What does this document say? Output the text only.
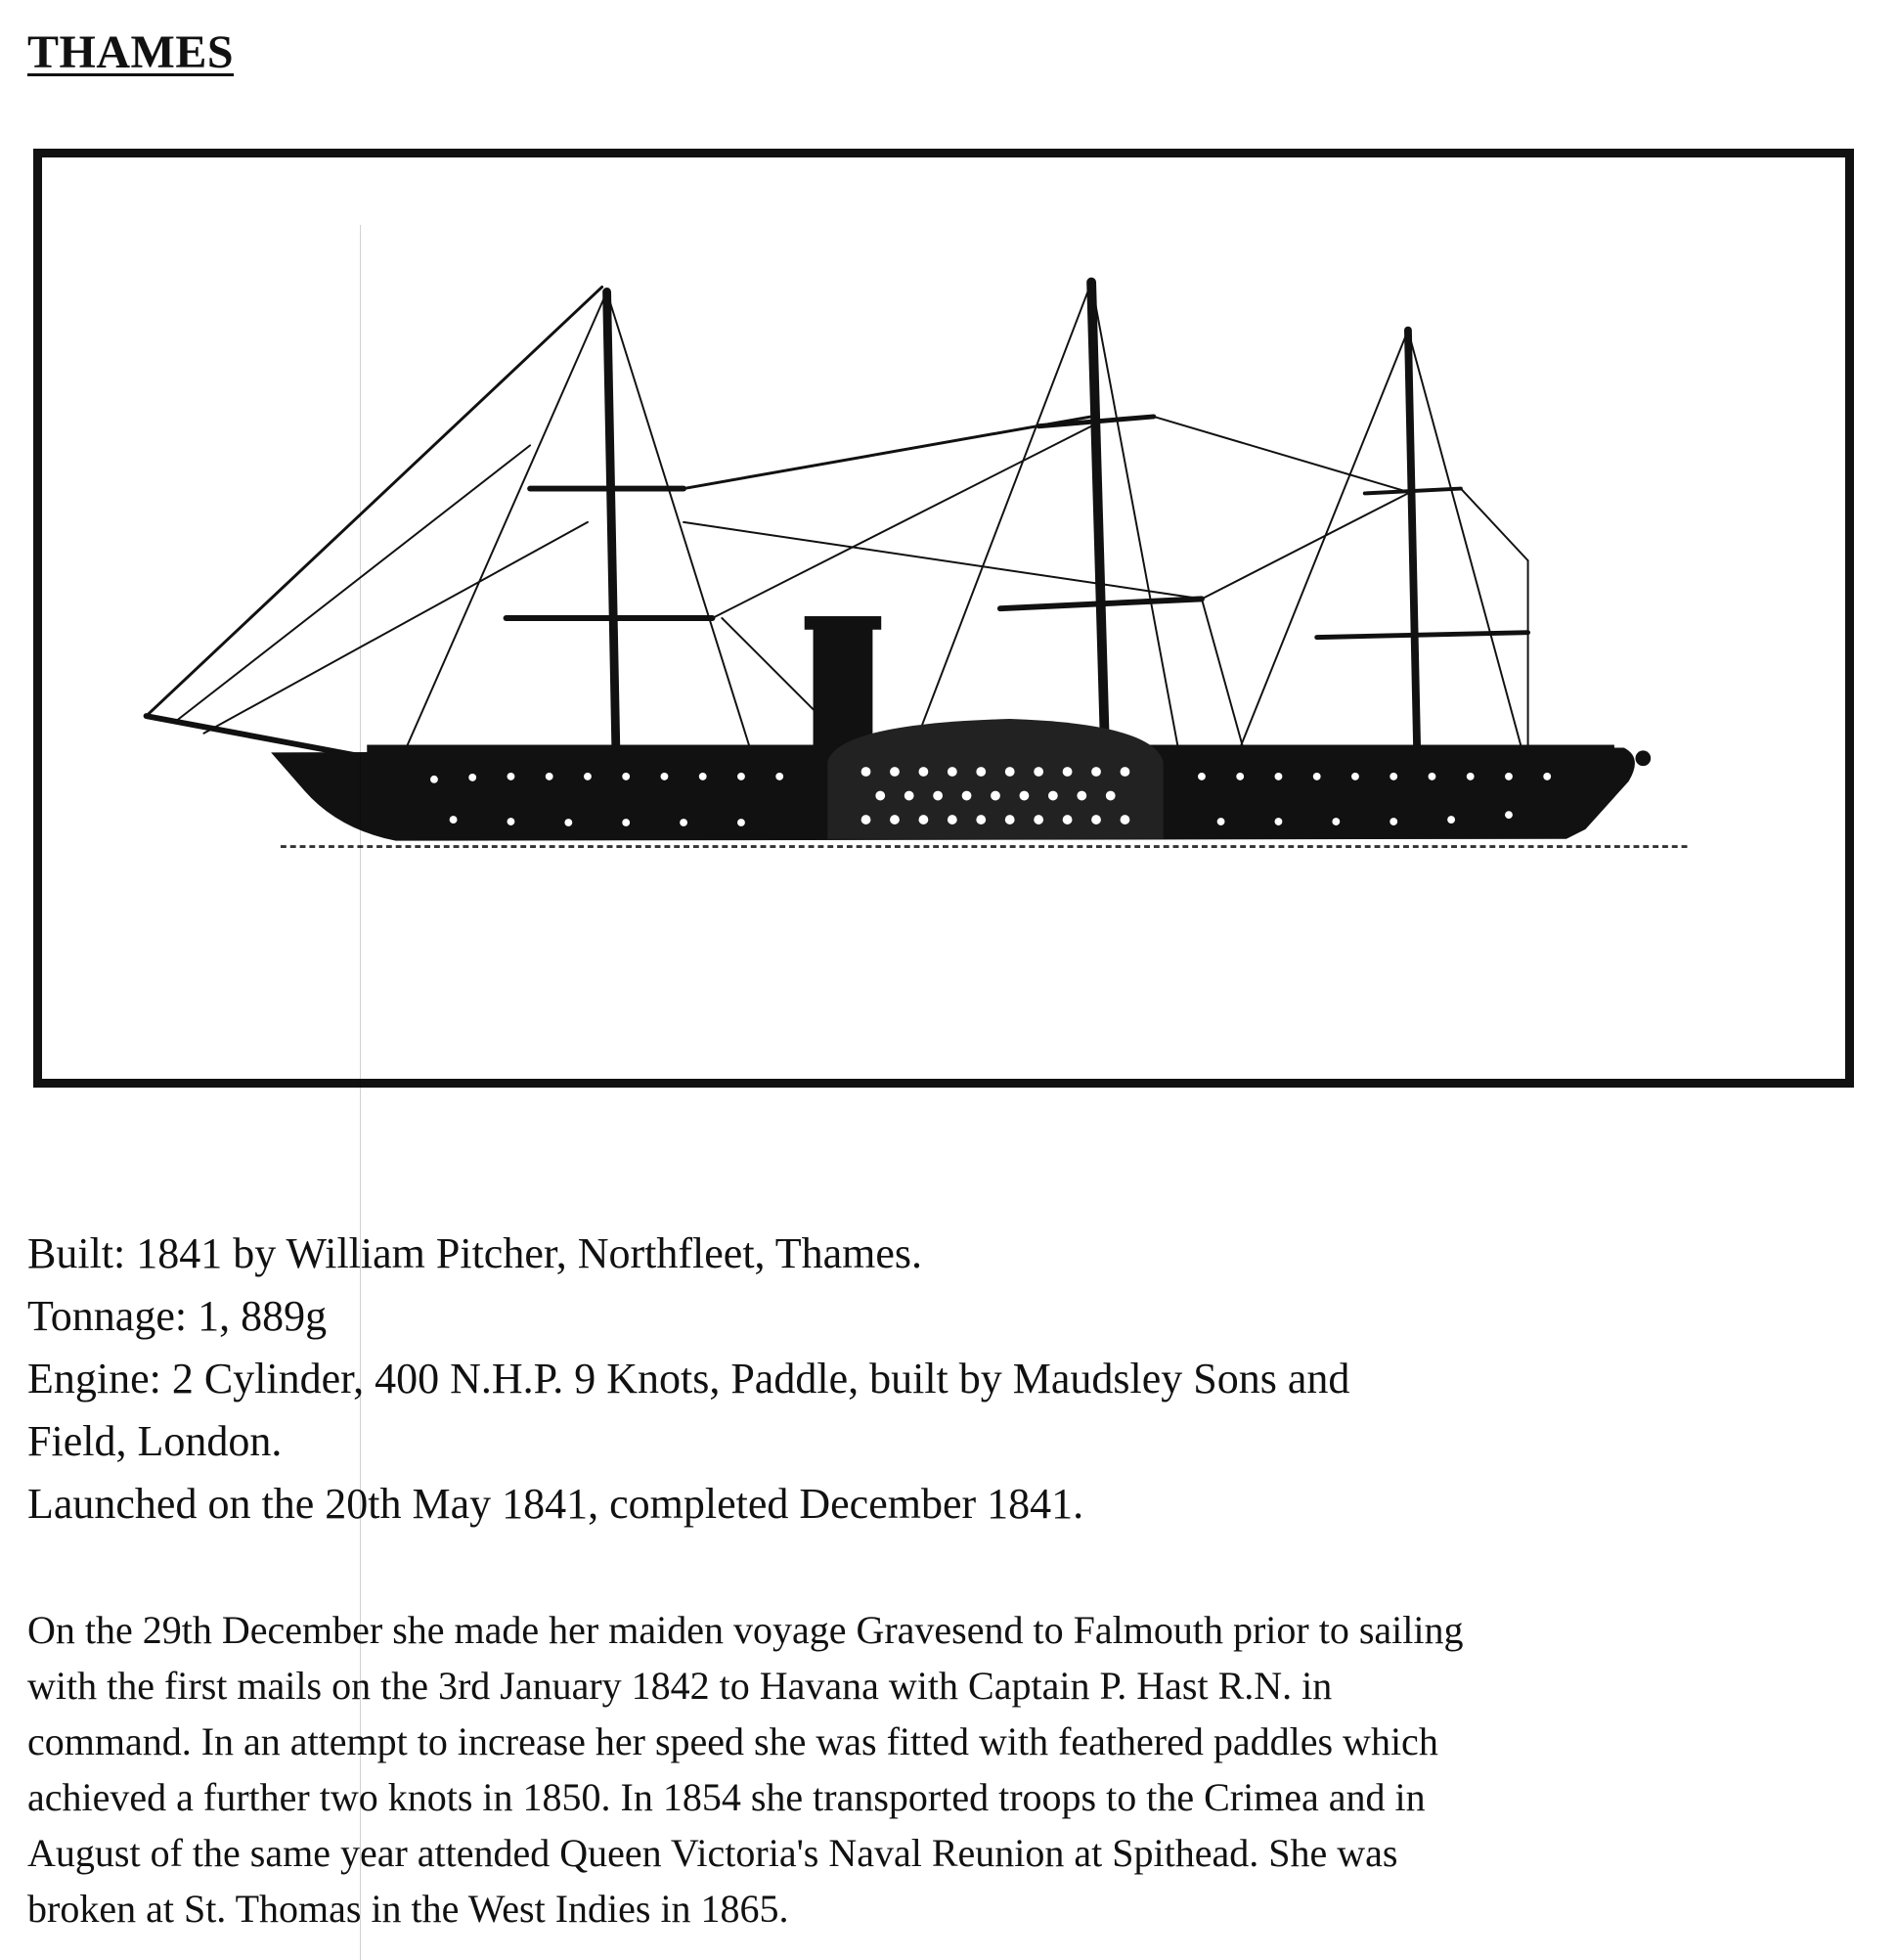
THAMES
Built: 1841 by William Pitcher, Northfleet, Thames.
Tonnage: 1, 889g
Engine: 2 Cylinder, 400 N.H.P. 9 Knots, Paddle, built by Maudsley Sons and
Field, London.
Launched on the 20th May 1841, completed December 1841.
On the 29th December she made her maiden voyage Gravesend to Falmouth prior to sailing
with the first mails on the 3rd January 1842 to Havana with Captain P. Hast R.N. in
command. In an attempt to increase her speed she was fitted with feathered paddles which
achieved a further two knots in 1850. In 1854 she transported troops to the Crimea and in
August of the same year attended Queen Victoria's Naval Reunion at Spithead. She was
broken at St. Thomas in the West Indies in 1865.
